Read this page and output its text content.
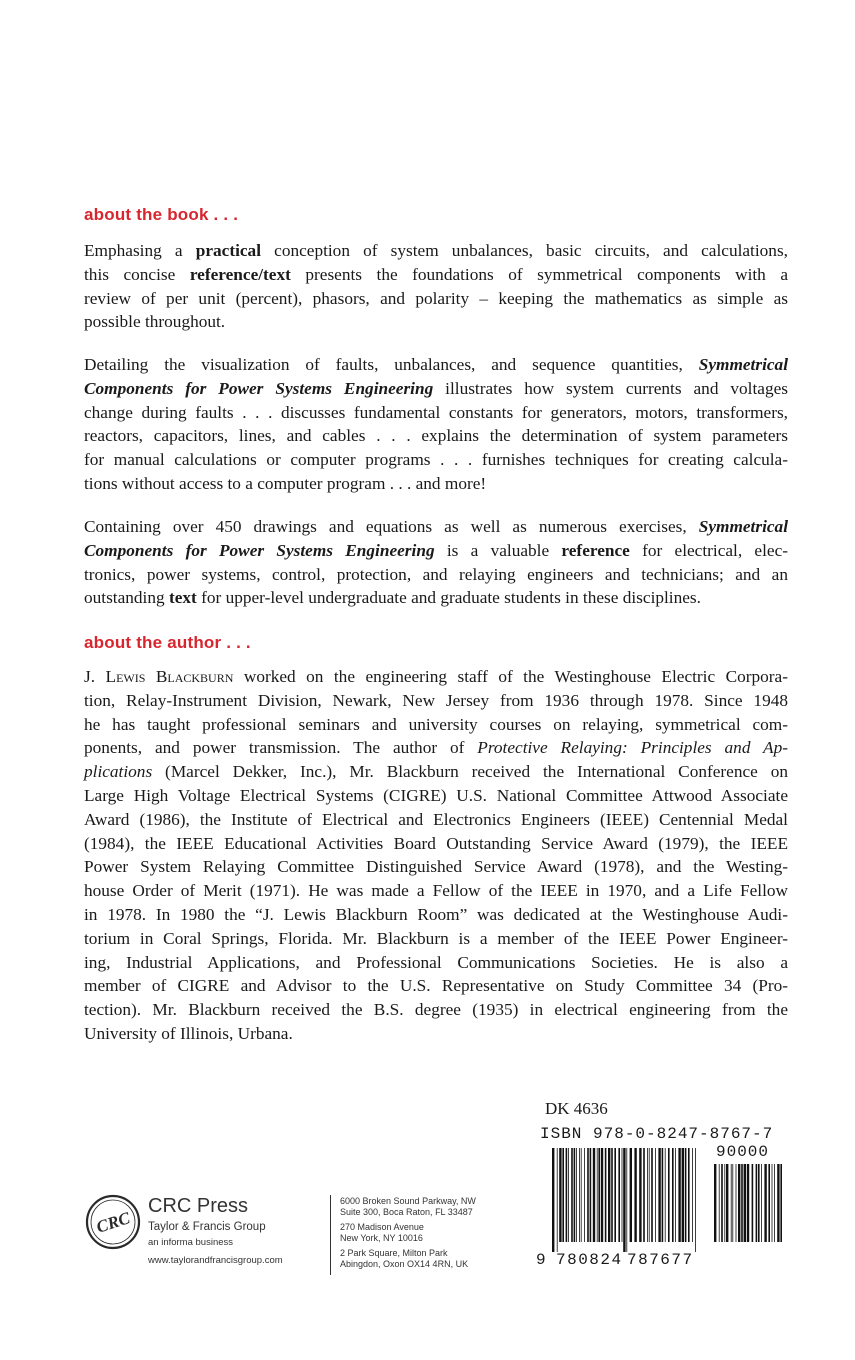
about the book . . .
Emphasing a practical conception of system unbalances, basic circuits, and calculations,
this concise reference/text presents the foundations of symmetrical components with a
review of per unit (percent), phasors, and polarity – keeping the mathematics as simple as
possible throughout.
Detailing the visualization of faults, unbalances, and sequence quantities, Symmetrical
Components for Power Systems Engineering illustrates how system currents and voltages
change during faults . . . discusses fundamental constants for generators, motors, transformers,
reactors, capacitors, lines, and cables . . . explains the determination of system parameters
for manual calculations or computer programs . . . furnishes techniques for creating calcula-
tions without access to a computer program . . . and more!
Containing over 450 drawings and equations as well as numerous exercises, Symmetrical
Components for Power Systems Engineering is a valuable reference for electrical, elec-
tronics, power systems, control, protection, and relaying engineers and technicians; and an
outstanding text for upper-level undergraduate and graduate students in these disciplines.
about the author . . .
J. Lewis Blackburn worked on the engineering staff of the Westinghouse Electric Corpora-
tion, Relay-Instrument Division, Newark, New Jersey from 1936 through 1978. Since 1948
he has taught professional seminars and university courses on relaying, symmetrical com-
ponents, and power transmission. The author of Protective Relaying: Principles and Ap-
plications (Marcel Dekker, Inc.), Mr. Blackburn received the International Conference on
Large High Voltage Electrical Systems (CIGRE) U.S. National Committee Attwood Associate
Award (1986), the Institute of Electrical and Electronics Engineers (IEEE) Centennial Medal
(1984), the IEEE Educational Activities Board Outstanding Service Award (1979), the IEEE
Power System Relaying Committee Distinguished Service Award (1978), and the Westing-
house Order of Merit (1971). He was made a Fellow of the IEEE in 1970, and a Life Fellow
in 1978. In 1980 the “J. Lewis Blackburn Room” was dedicated at the Westinghouse Audi-
torium in Coral Springs, Florida. Mr. Blackburn is a member of the IEEE Power Engineer-
ing, Industrial Applications, and Professional Communications Societies. He is also a
member of CIGRE and Advisor to the U.S. Representative on Study Committee 34 (Pro-
tection). Mr. Blackburn received the B.S. degree (1935) in electrical engineering from the
University of Illinois, Urbana.
DK 4636
ISBN 978-0-8247-8767-7
90000
9 780824 787677
CRC
CRC Press
Taylor & Francis Group
an informa business
www.taylorandfrancisgroup.com
6000 Broken Sound Parkway, NW
Suite 300, Boca Raton, FL 33487
270 Madison Avenue
New York, NY 10016
2 Park Square, Milton Park
Abingdon, Oxon OX14 4RN, UK
